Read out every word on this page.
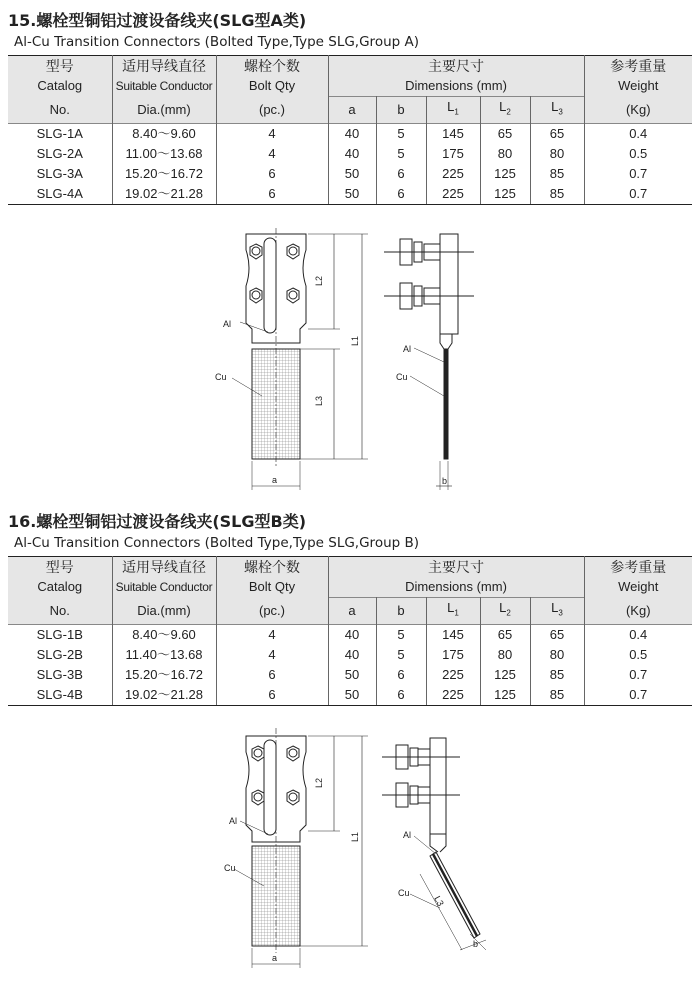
15.螺栓型铜铝过渡设备线夹(SLG型A类)
Al-Cu Transition Connectors (Bolted Type,Type SLG,Group A)
型号	适用导线直径	螺栓个数	主要尺寸					参考重量
Catalog	Suitable Conductor	Bolt Qty	Dimensions (mm)					Weight
No.	Dia.(mm)	(pc.)	a	b	$L_1$	$L_2$	$L_3$	(Kg)
SLG-1A	8.40～9.60	4	40	5	145	65	65	0.4
SLG-2A	11.00～13.68	4	40	5	175	80	80	0.5
SLG-3A	15.20～16.72	6	50	6	225	125	85	0.7
SLG-4A	19.02～21.28	6	50	6	225	125	85	0.7
L2
L3
L1
a
Al
Cu
Al
Cu
b
16.螺栓型铜铝过渡设备线夹(SLG型B类)
Al-Cu Transition Connectors (Bolted Type,Type SLG,Group B)
型号	适用导线直径	螺栓个数	主要尺寸					参考重量
Catalog	Suitable Conductor	Bolt Qty	Dimensions (mm)					Weight
No.	Dia.(mm)	(pc.)	a	b	$L_1$	$L_2$	$L_3$	(Kg)
SLG-1B	8.40～9.60	4	40	5	145	65	65	0.4
SLG-2B	11.40～13.68	4	40	5	175	80	80	0.5
SLG-3B	15.20～16.72	6	50	6	225	125	85	0.7
SLG-4B	19.02～21.28	6	50	6	225	125	85	0.7
L2
L1
a
Al
Cu
Al
Cu
L3
b
